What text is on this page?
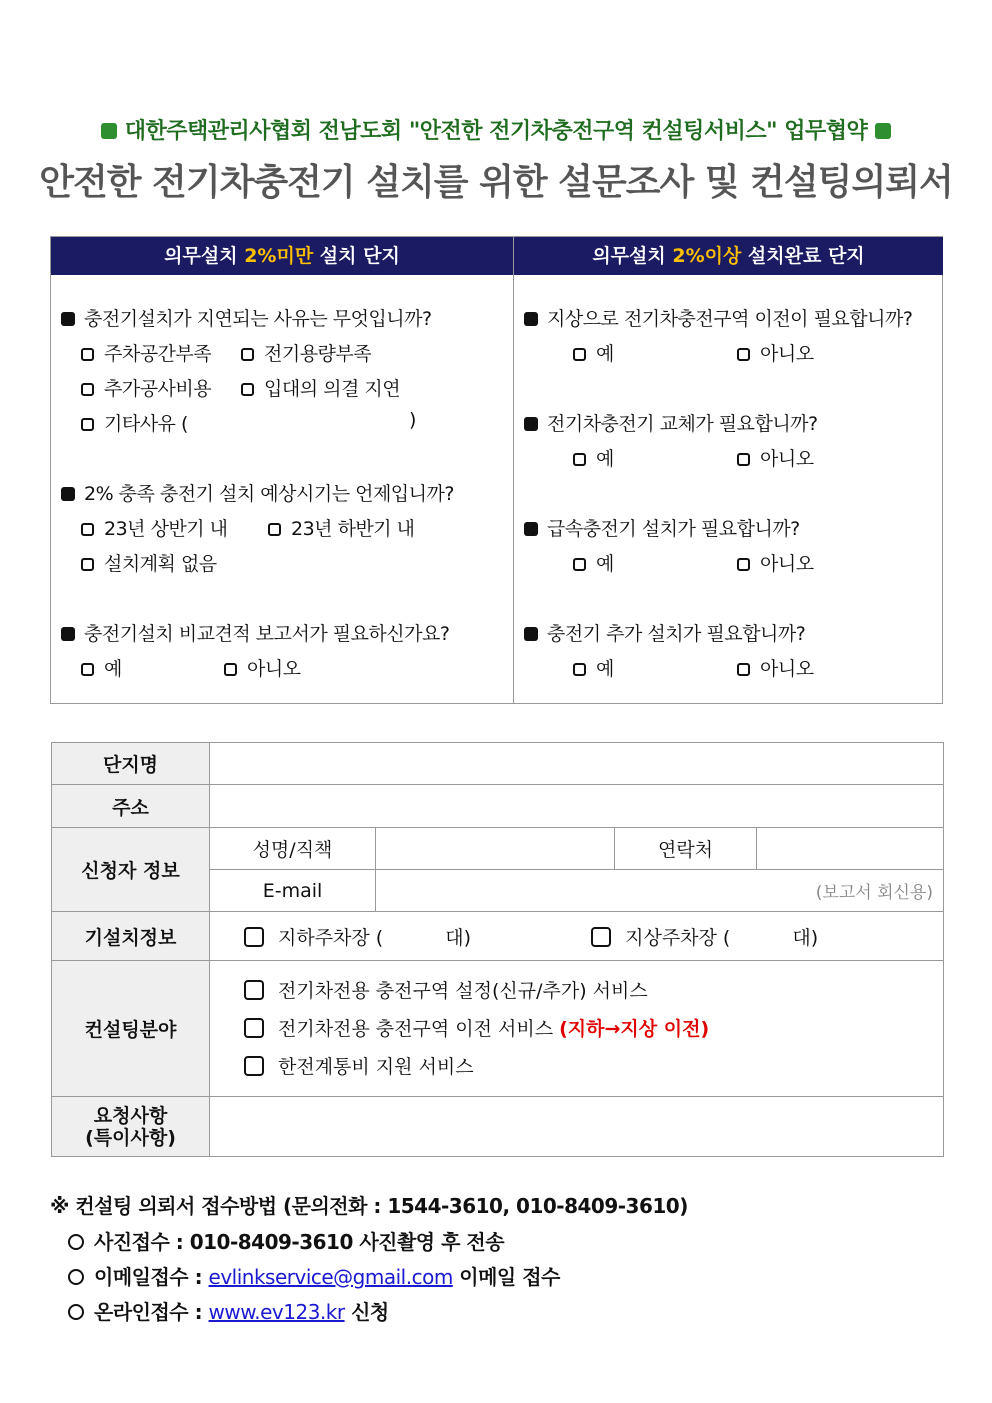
대한주택관리사협회 전남도회 "안전한 전기차충전구역 컨설팅서비스" 업무협약
안전한 전기차충전기 설치를 위한 설문조사 및 컨설팅의뢰서
의무설치 2%미만 설치 단지	의무설치 2%이상 설치완료 단지
충전기설치가 지연되는 사유는 무엇입니까?
주차공간부족	전기용량부족
추가공사비용	입대의 의결 지연
기타사유 (	)
2% 충족 충전기 설치 예상시기는 언제입니까?
23년 상반기 내	23년 하반기 내
설치계획 없음
충전기설치 비교견적 보고서가 필요하신가요?
예	아니오
지상으로 전기차충전구역 이전이 필요합니까?
예	아니오
전기차충전기 교체가 필요합니까?
예	아니오
급속충전기 설치가 필요합니까?
예	아니오
충전기 추가 설치가 필요합니까?
예	아니오
단지명				
주소				
신청자 정보	성명/직책		연락처	
	E-mail	(보고서 회신용)		
기설치정보	지하주차장 ( 대) 지상주차장 ( 대)			
컨설팅분야	전기차전용 충전구역 설정(신규/추가) 서비스
전기차전용 충전구역 이전 서비스 (지하→지상 이전)
한전계통비 지원 서비스			

요청사항
(특이사항)				

※ 컨설팅 의뢰서 접수방법 (문의전화 : 1544-3610, 010-8409-3610)
사진접수 : 010-8409-3610 사진촬영 후 전송
이메일접수 : evlinkservice@gmail.com 이메일 접수
온라인접수 : www.ev123.kr 신청
